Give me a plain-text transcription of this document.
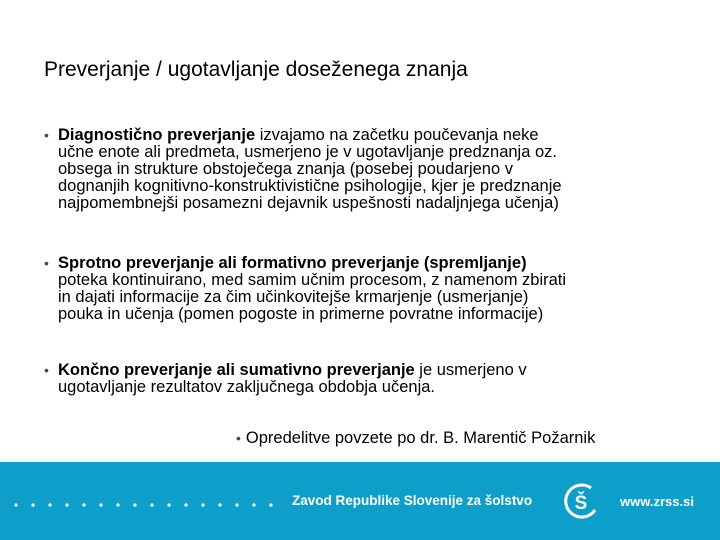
Preverjanje / ugotavljanje doseženega znanja

• Diagnostično preverjanje izvajamo na začetku poučevanja neke
učne enote ali predmeta, usmerjeno je v ugotavljanje predznanja oz.
obsega in strukture obstoječega znanja (posebej poudarjeno v
dognanjih kognitivno-konstruktivistične psihologije, kjer je predznanje
najpomembnejši posamezni dejavnik uspešnosti nadaljnjega učenja)

• Sprotno preverjanje ali formativno preverjanje (spremljanje)
poteka kontinuirano, med samim učnim procesom, z namenom zbirati
in dajati informacije za čim učinkovitejše krmarjenje (usmerjanje)
pouka in učenja (pomen pogoste in primerne povratne informacije)

• Končno preverjanje ali sumativno preverjanje je usmerjeno v
ugotavljanje rezultatov zaključnega obdobja učenja.

• Opredelitve povzete po dr. B. Marentič Požarnik

Zavod Republike Slovenije za šolstvo Š	www.zrss.si
